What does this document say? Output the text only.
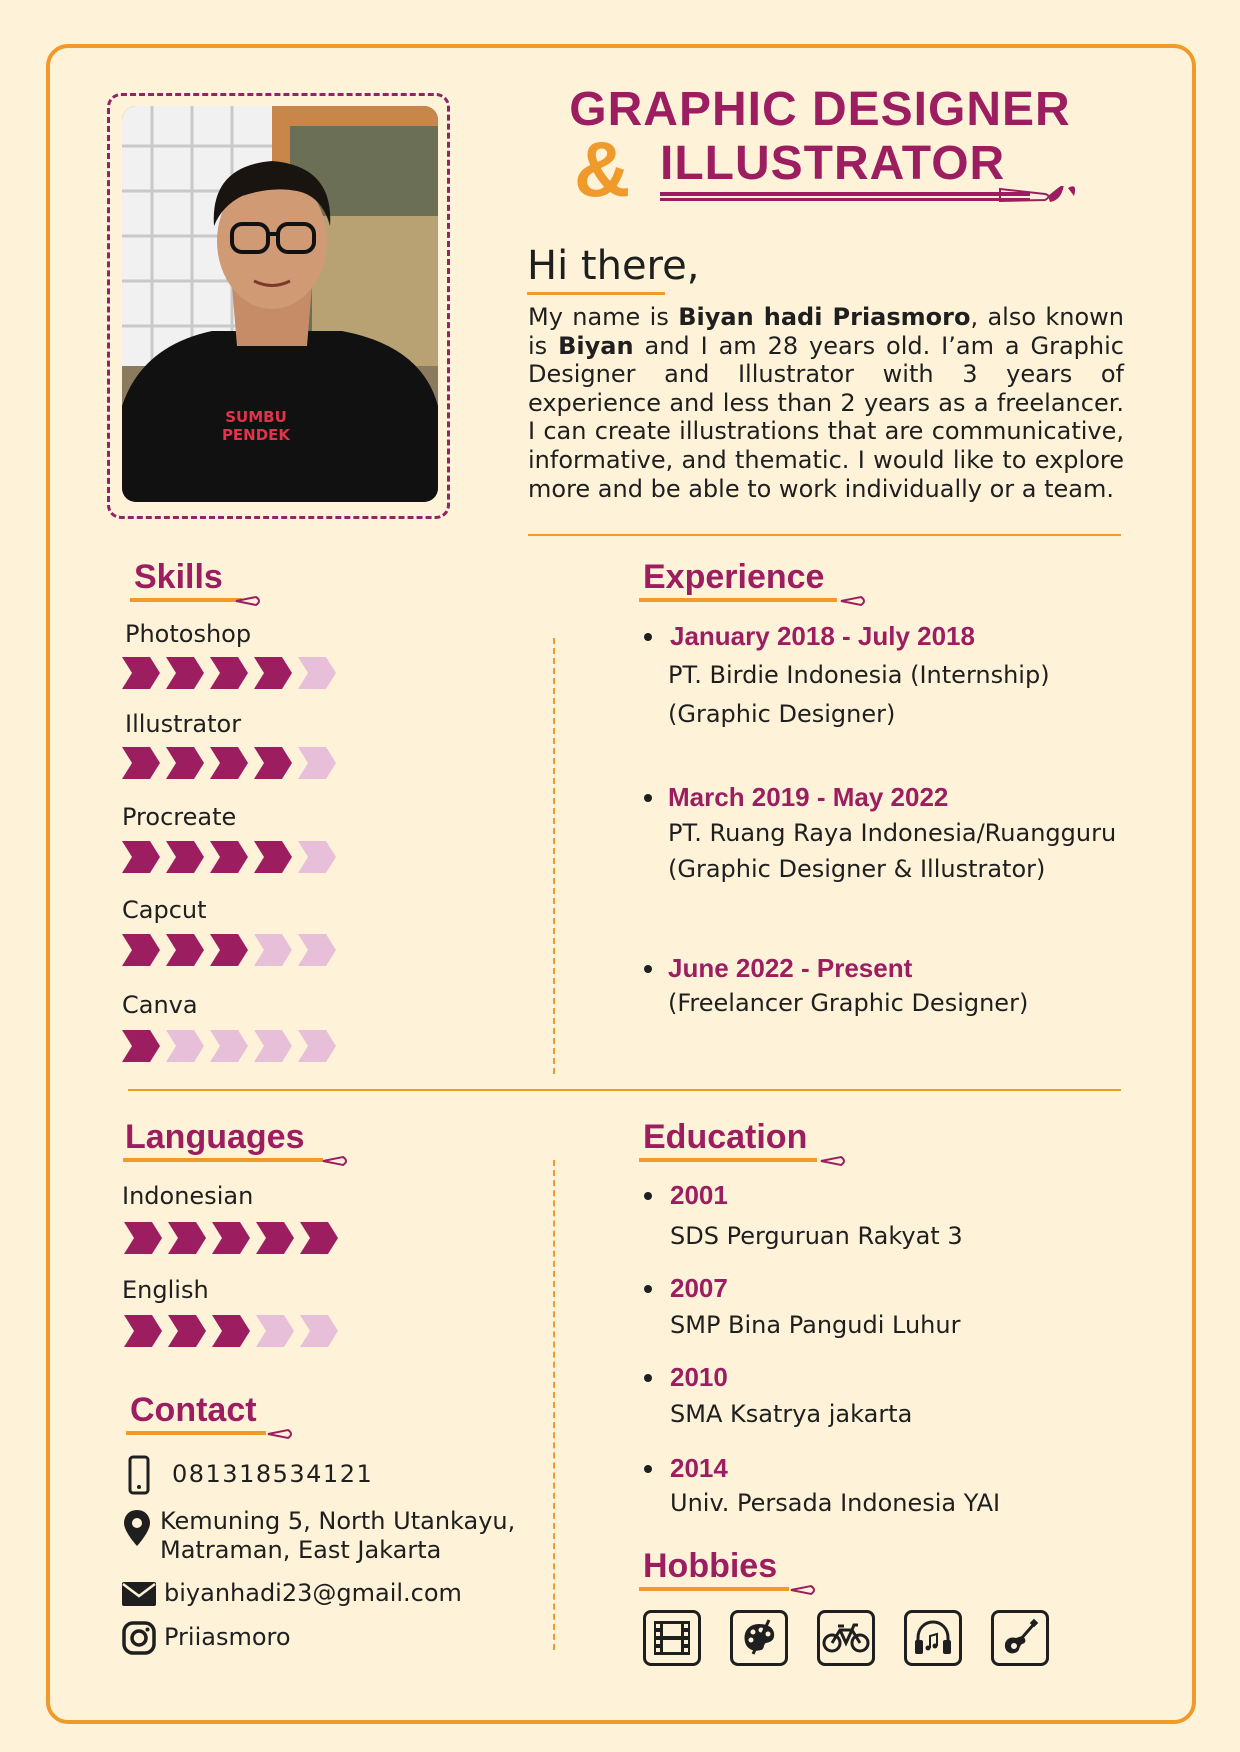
SUMBU
PENDEK
GRAPHIC DESIGNER
& ILLUSTRATOR
Hi there,

My name is Biyan hadi Priasmoro, also known is Biyan and I am 28 years old. I’am a Graphic Designer and Illustrator with 3 years of experience and less than 2 years as a freelancer. I can create illustrations that are communicative, informative, and thematic. I would like to explore more and be able to work individually or a team.

Skills
Photoshop
Illustrator
Procreate
Capcut
Canva
Experience
January 2018 - July 2018
PT. Birdie Indonesia (Internship)
(Graphic Designer)
March 2019 - May 2022
PT. Ruang Raya Indonesia/Ruangguru
(Graphic Designer & Illustrator)
June 2022 - Present
(Freelancer Graphic Designer)
Languages
Indonesian
English
Education
2001
SDS Perguruan Rakyat 3
2007
SMP Bina Pangudi Luhur
2010
SMA Ksatrya jakarta
2014
Univ. Persada Indonesia YAI
Contact
081318534121
Kemuning 5, North Utankayu,
Matraman, East Jakarta
biyanhadi23@gmail.com
Priiasmoro
Hobbies
